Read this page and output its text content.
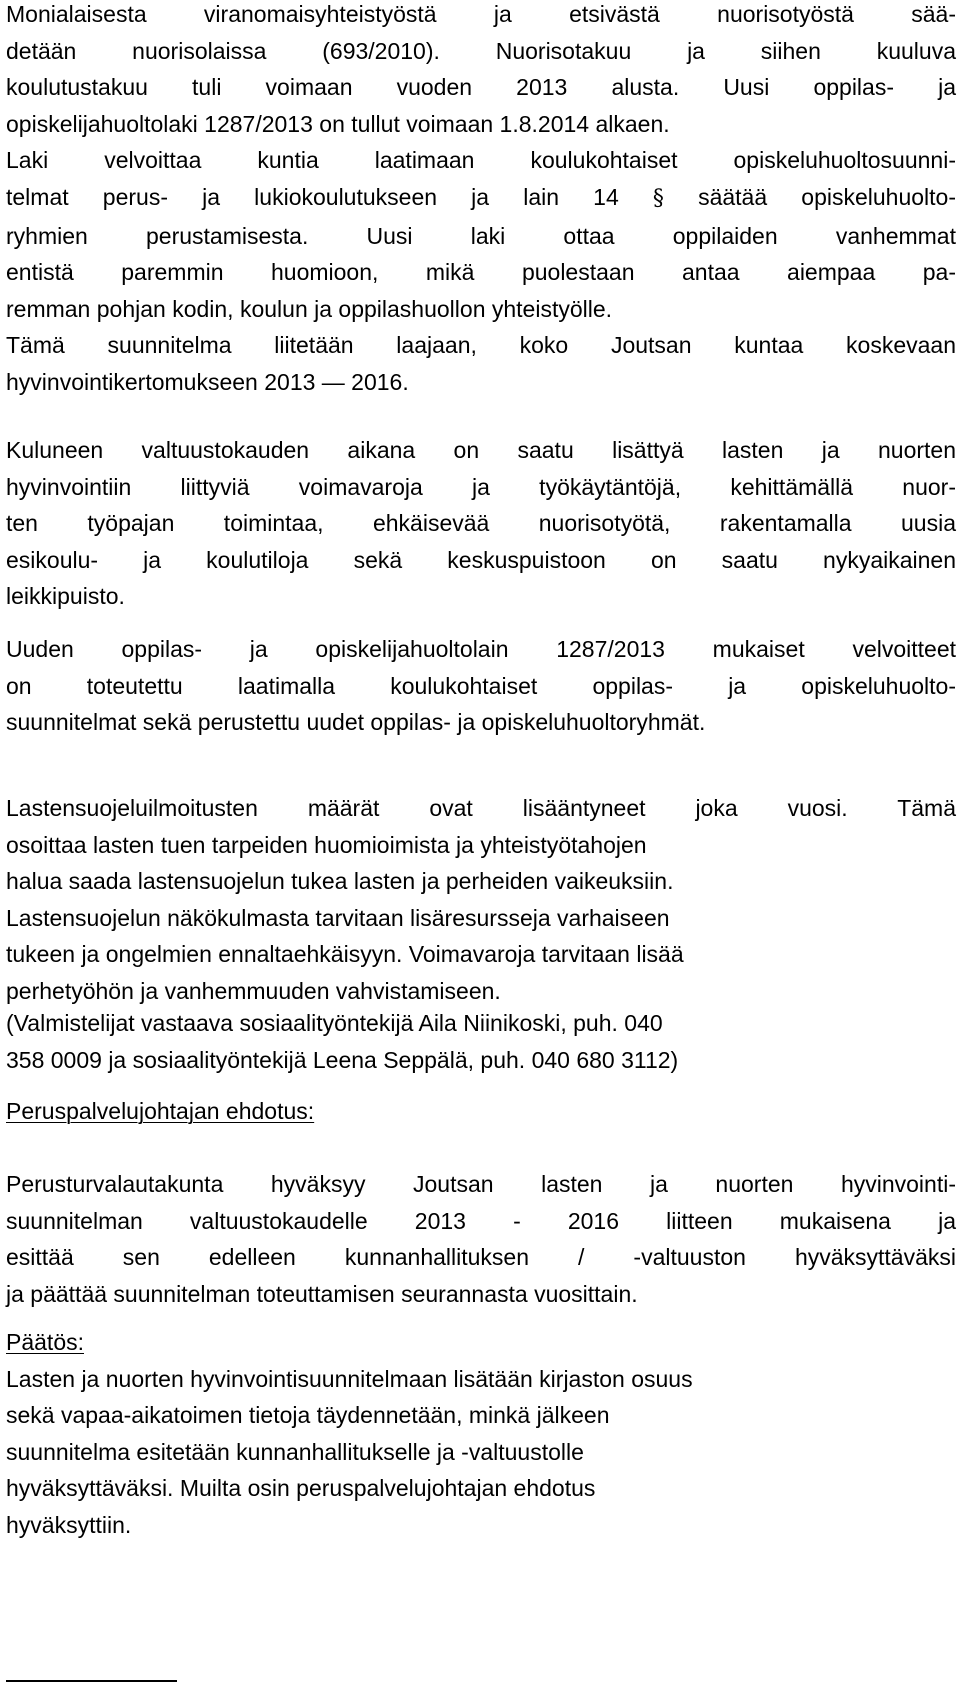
Monialaisesta viranomaisyhteistyöstä ja etsivästä nuorisotyöstä sää-
detään nuorisolaissa (693/2010). Nuorisotakuu ja siihen kuuluva
koulutustakuu tuli voimaan vuoden 2013 alusta. Uusi oppilas- ja
opiskelijahuoltolaki 1287/2013 on tullut voimaan 1.8.2014 alkaen.
Laki velvoittaa kuntia laatimaan koulukohtaiset opiskeluhuoltosuunni-
telmat perus- ja lukiokoulutukseen ja lain 14 § säätää opiskeluhuolto-
ryhmien perustamisesta. Uusi laki ottaa oppilaiden vanhemmat
entistä paremmin huomioon, mikä puolestaan antaa aiempaa pa-
remman pohjan kodin, koulun ja oppilashuollon yhteistyölle.

Tämä suunnitelma liitetään laajaan, koko Joutsan kuntaa koskevaan
hyvinvointikertomukseen 2013 — 2016.

Kuluneen valtuustokauden aikana on saatu lisättyä lasten ja nuorten
hyvinvointiin liittyviä voimavaroja ja työkäytäntöjä, kehittämällä nuor-
ten työpajan toimintaa, ehkäisevää nuorisotyötä, rakentamalla uusia
esikoulu- ja koulutiloja sekä keskuspuistoon on saatu nykyaikainen
leikkipuisto.

Uuden oppilas- ja opiskelijahuoltolain 1287/2013 mukaiset velvoitteet
on toteutettu laatimalla koulukohtaiset oppilas- ja opiskeluhuolto-
suunnitelmat sekä perustettu uudet oppilas- ja opiskeluhuoltoryhmät.

Lastensuojeluilmoitusten määrät ovat lisääntyneet joka vuosi. Tämä
osoittaa lasten tuen tarpeiden huomioimista ja yhteistyötahojen
halua saada lastensuojelun tukea lasten ja perheiden vaikeuksiin.
Lastensuojelun näkökulmasta tarvitaan lisäresursseja varhaiseen
tukeen ja ongelmien ennaltaehkäisyyn. Voimavaroja tarvitaan lisää
perhetyöhön ja vanhemmuuden vahvistamiseen.

(Valmistelijat vastaava sosiaalityöntekijä Aila Niinikoski, puh. 040
358 0009 ja sosiaalityöntekijä Leena Seppälä, puh. 040 680 3112)

Peruspalvelujohtajan ehdotus:

Perusturvalautakunta hyväksyy Joutsan lasten ja nuorten hyvinvointi-
suunnitelman valtuustokaudelle 2013 - 2016 liitteen mukaisena ja
esittää sen edelleen kunnanhallituksen / -valtuuston hyväksyttäväksi
ja päättää suunnitelman toteuttamisen seurannasta vuosittain.

Päätös:
Lasten ja nuorten hyvinvointisuunnitelmaan lisätään kirjaston osuus
sekä vapaa-aikatoimen tietoja täydennetään, minkä jälkeen
suunnitelma esitetään kunnanhallitukselle ja -valtuustolle
hyväksyttäväksi. Muilta osin peruspalvelujohtajan ehdotus
hyväksyttiin.
